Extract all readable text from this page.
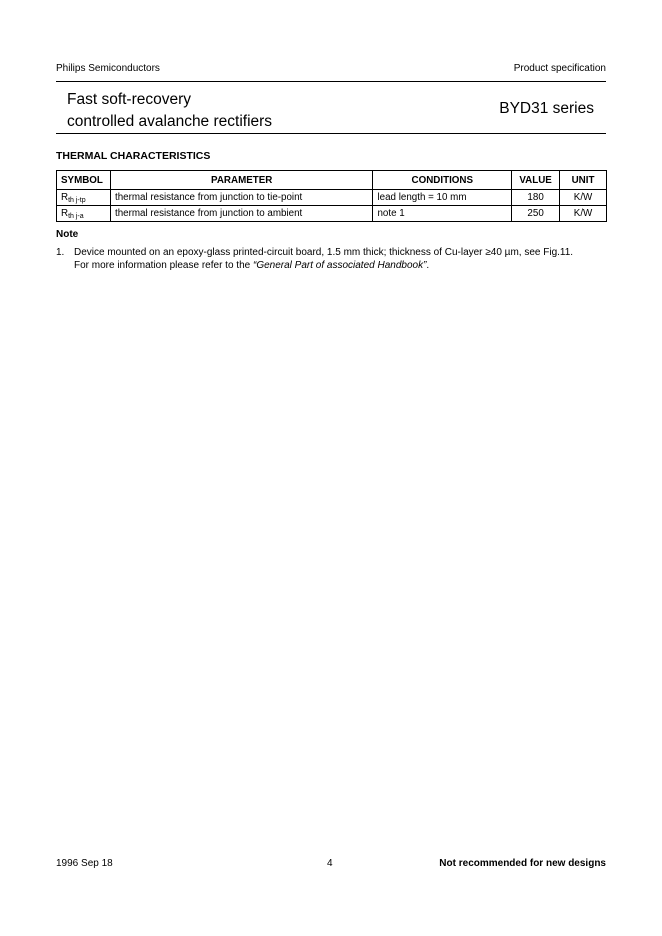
Philips Semiconductors	Product specification
Fast soft-recovery
controlled avalanche rectifiers
BYD31 series
THERMAL CHARACTERISTICS
SYMBOL	PARAMETER	CONDITIONS	VALUE	UNIT
$R_{th j-tp}$	thermal resistance from junction to tie-point	lead length = 10 mm	180	K/W
$R_{th j-a}$	thermal resistance from junction to ambient	note 1	250	K/W
Note
1. Device mounted on an epoxy-glass printed-circuit board, 1.5 mm thick; thickness of Cu-layer ≥40 µm, see Fig.11.
For more information please refer to the “General Part of associated Handbook”.
1996 Sep 18	4	Not recommended for new designs
